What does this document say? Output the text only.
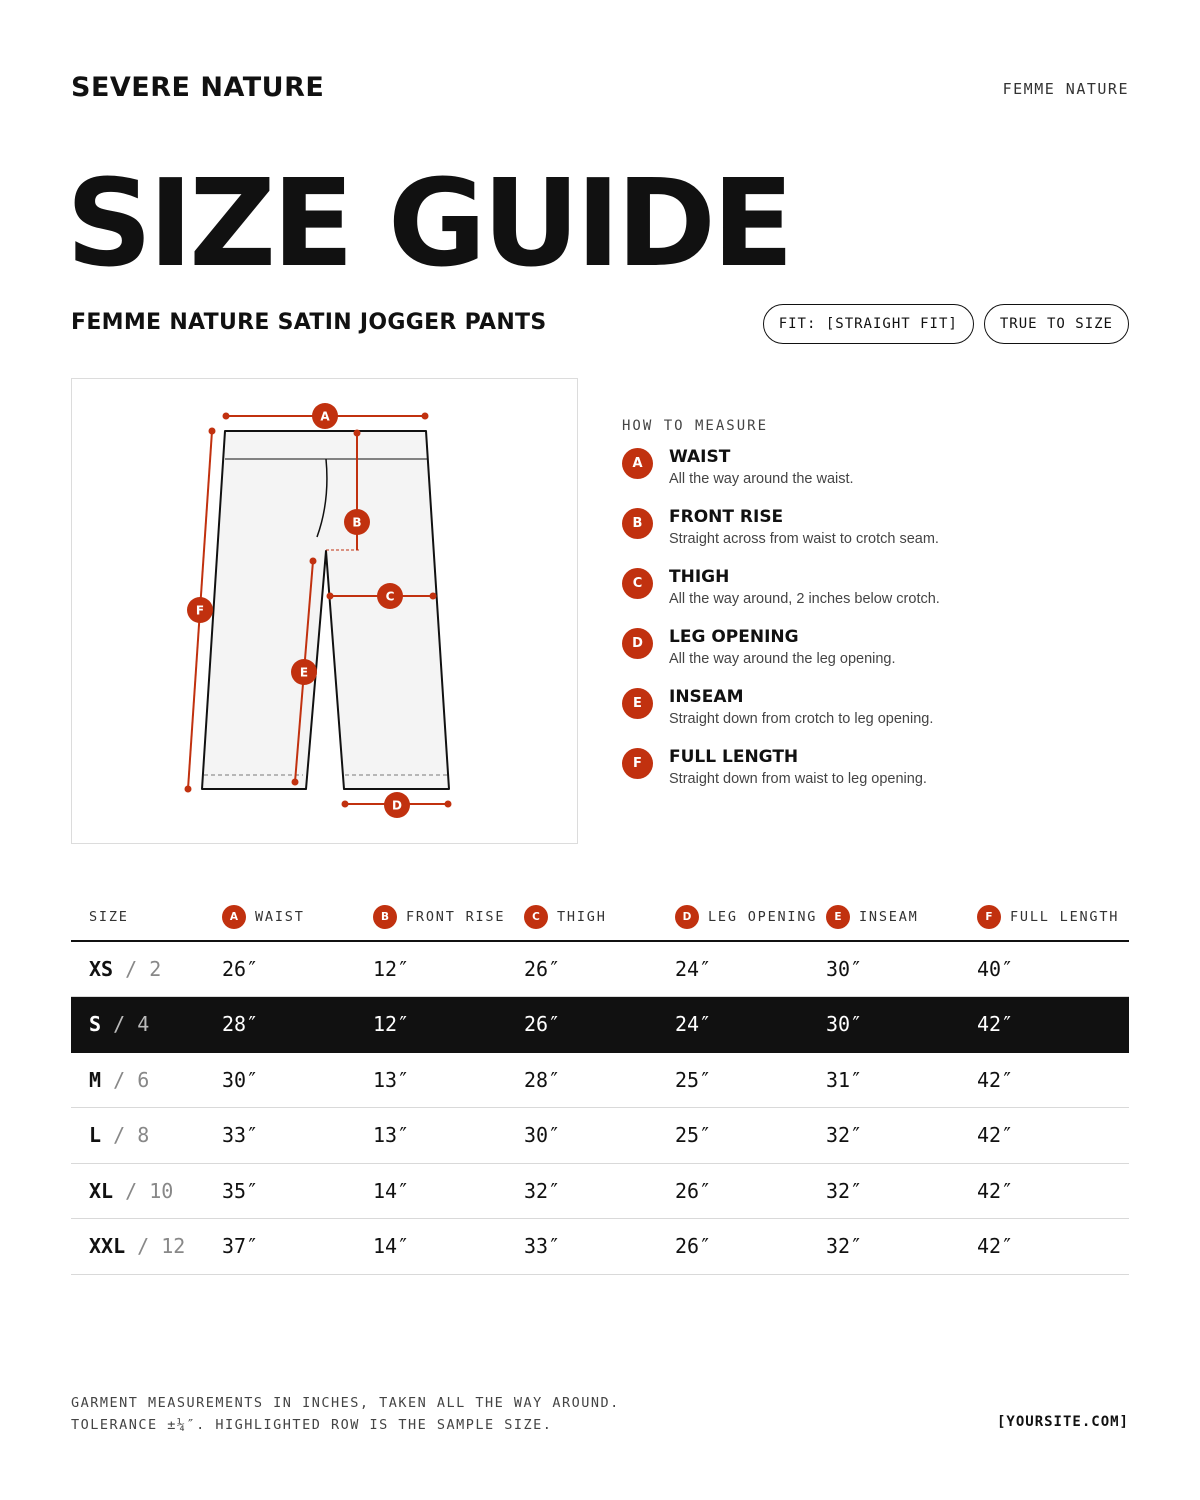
SEVERE NATURE	FEMME NATURE
SIZE GUIDE
FEMME NATURE SATIN JOGGER PANTS	FIT: [STRAIGHT FIT]	TRUE TO SIZE
A
B
C
D
E
F
HOW TO MEASURE
A	WAIST
All the way around the waist.
B	FRONT RISE
Straight across from waist to crotch seam.
C	THIGH
All the way around, 2 inches below crotch.
D	LEG OPENING
All the way around the leg opening.
E	INSEAM
Straight down from crotch to leg opening.
F	FULL LENGTH
Straight down from waist to leg opening.
SIZE	A WAIST	B FRONT RISE	C THIGH	D LEG OPENING	E INSEAM	F FULL LENGTH

XS / 2	26″	12″	26″	24″	30″	40″
S / 4	28″	12″	26″	24″	30″	42″
M / 6	30″	13″	28″	25″	31″	42″
L / 8	33″	13″	30″	25″	32″	42″
XL / 10	35″	14″	32″	26″	32″	42″
XXL / 12	37″	14″	33″	26″	32″	42″
GARMENT MEASUREMENTS IN INCHES, TAKEN ALL THE WAY AROUND.
TOLERANCE ±¼″. HIGHLIGHTED ROW IS THE SAMPLE SIZE.	[YOURSITE.COM]
